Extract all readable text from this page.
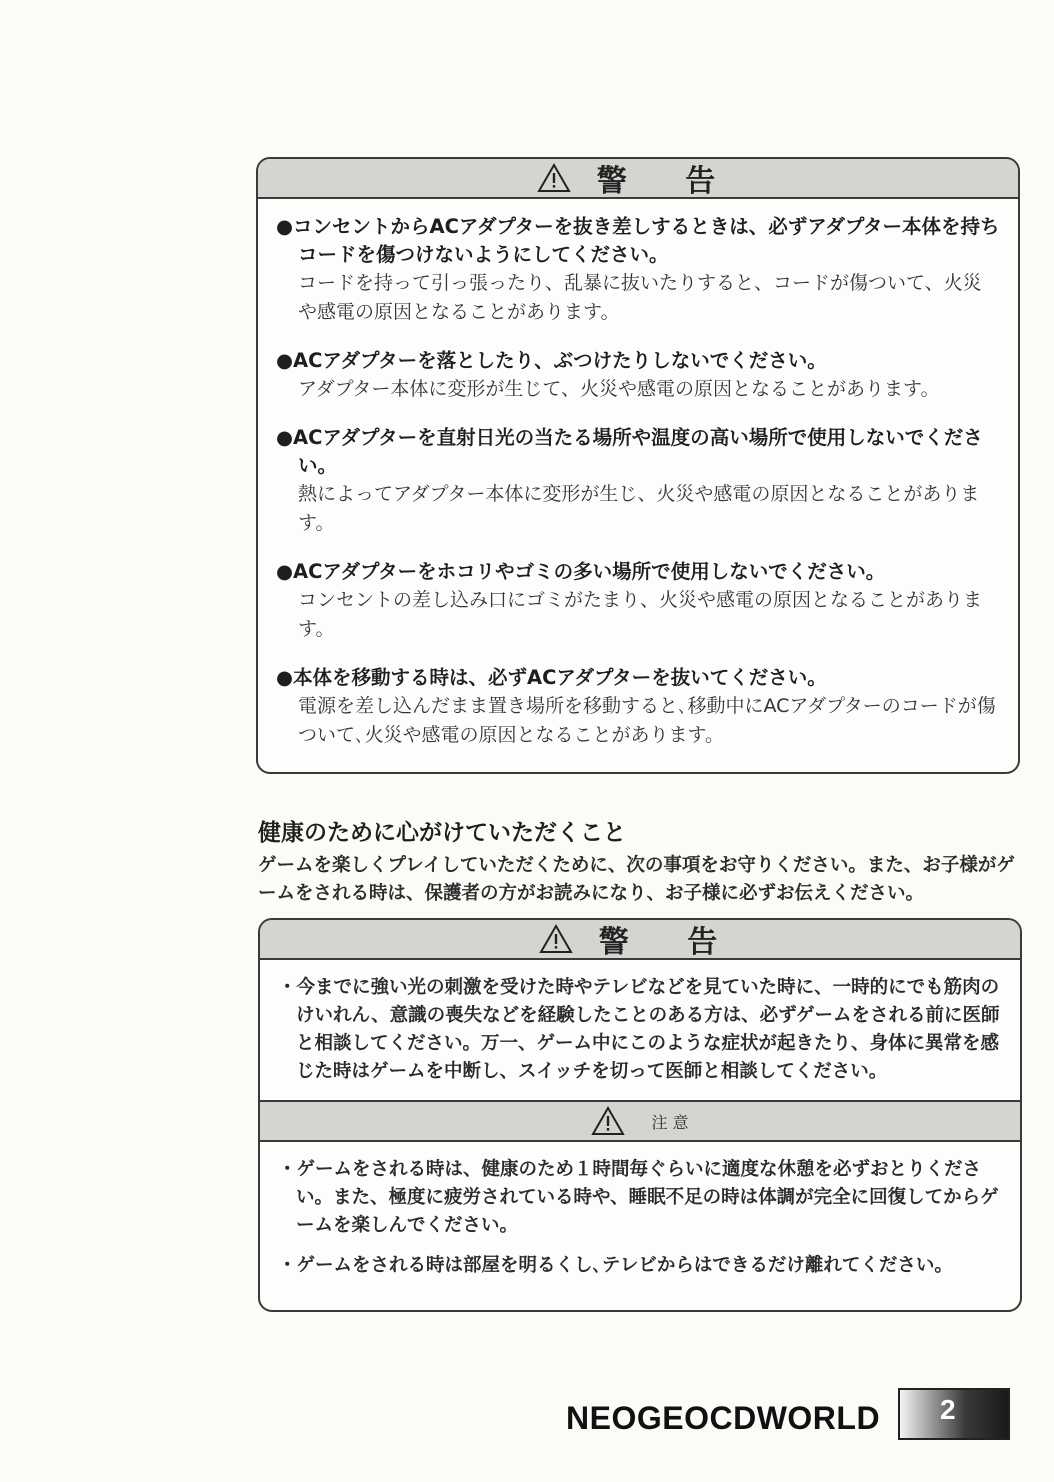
警 告
●コンセントからACアダプターを抜き差しするときは、必ずアダプター本体を持ちコードを傷つけないようにしてください。
コードを持って引っ張ったり、乱暴に抜いたりすると、コードが傷ついて、火災や感電の原因となることがあります。
●ACアダプターを落としたり、ぶつけたりしないでください。
アダプター本体に変形が生じて、火災や感電の原因となることがあります。
●ACアダプターを直射日光の当たる場所や温度の高い場所で使用しないでください。
熱によってアダプター本体に変形が生じ、火災や感電の原因となることがあります。
●ACアダプターをホコリやゴミの多い場所で使用しないでください。
コンセントの差し込み口にゴミがたまり、火災や感電の原因となることがあります。
●本体を移動する時は、必ずACアダプターを抜いてください。
電源を差し込んだまま置き場所を移動すると､移動中にACアダプターのコードが傷ついて､火災や感電の原因となることがあります。
健康のために心がけていただくこと
ゲームを楽しくプレイしていただくために、次の事項をお守りください。また、お子様がゲームをされる時は、保護者の方がお読みになり、お子様に必ずお伝えください。
警 告
・今までに強い光の刺激を受けた時やテレビなどを見ていた時に、一時的にでも筋肉のけいれん、意識の喪失などを経験したことのある方は、必ずゲームをされる前に医師と相談してください。万一、ゲーム中にこのような症状が起きたり、身体に異常を感じた時はゲームを中断し、スイッチを切って医師と相談してください。
注 意
・ゲームをされる時は、健康のため１時間毎ぐらいに適度な休憩を必ずおとりください。また、極度に疲労されている時や、睡眠不足の時は体調が完全に回復してからゲームを楽しんでください。
・ゲームをされる時は部屋を明るくし､テレビからはできるだけ離れてください。
NEOGEOCDWORLD 2
